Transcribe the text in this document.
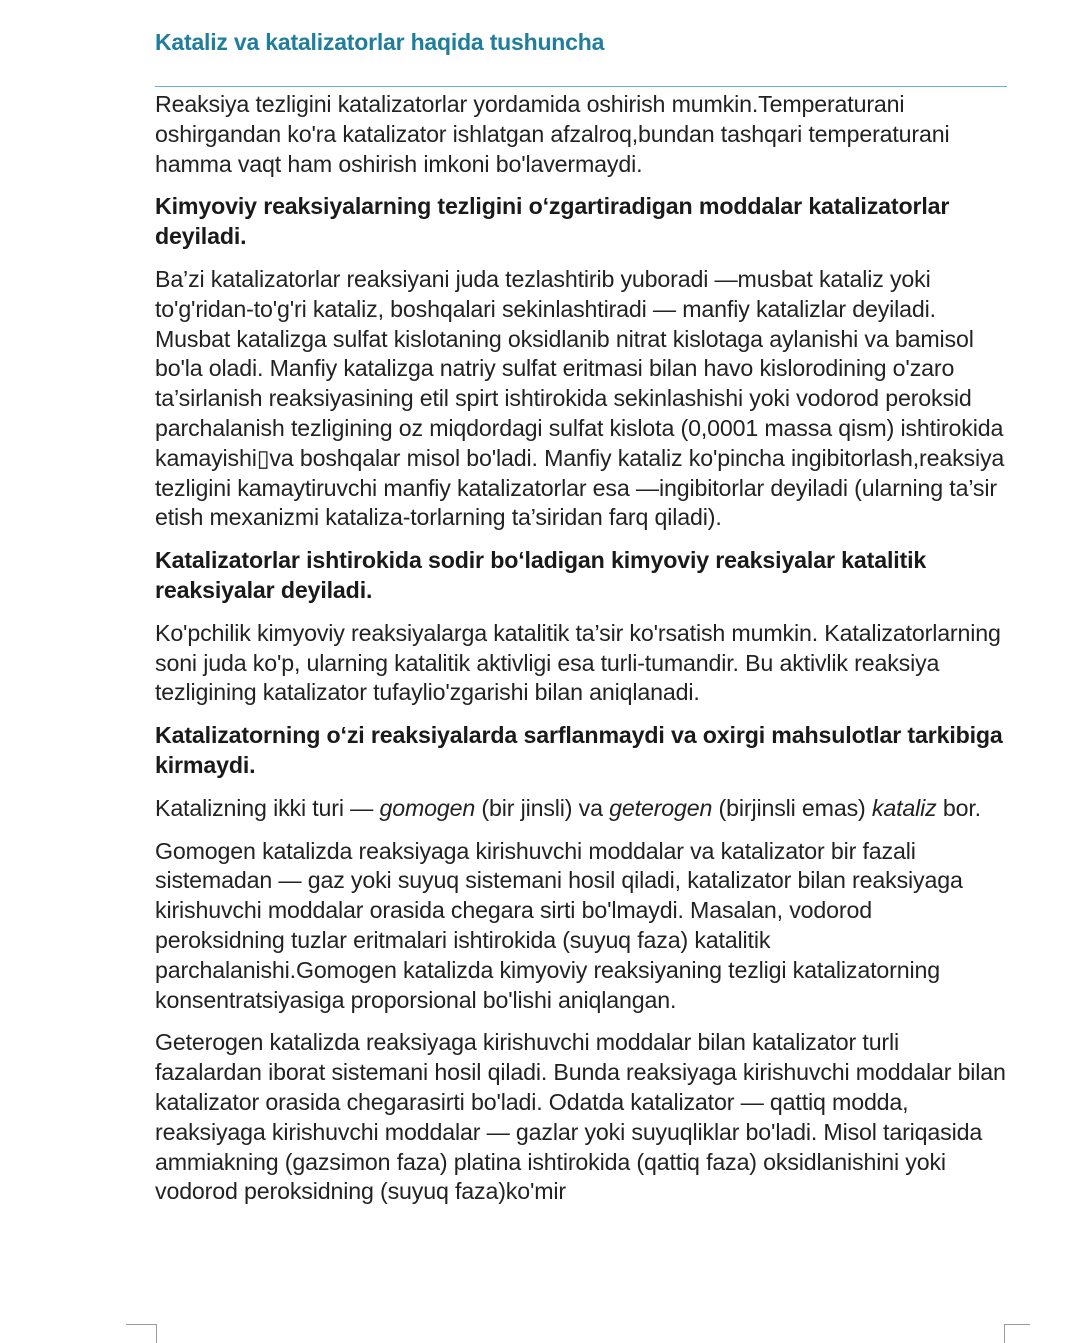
Kataliz va katalizatorlar haqida tushuncha

Reaksiya tezligini katalizatorlar yordamida oshirish mumkin.Temperaturani oshirgandan ko'ra katalizator ishlatgan afzalroq,bundan tashqari temperaturani hamma vaqt ham oshirish imkoni bo'lavermaydi.

Kimyoviy reaksiyalarning tezligini o‘zgartiradigan moddalar katalizatorlar deyiladi.

Ba’zi katalizatorlar reaksiyani juda tezlashtirib yuboradi —musbat kataliz yoki to'g'ridan-to'g'ri kataliz, boshqalari sekinlashtiradi — manfiy katalizlar deyiladi. Musbat katalizga sulfat kislotaning oksidlanib nitrat kislotaga aylanishi va bamisol bo'la oladi. Manfiy katalizga natriy sulfat eritmasi bilan havo kislorodining o'zaro ta’sirlanish reaksiyasining etil spirt ishtirokida sekinlashishi yoki vodorod peroksid parchalanish tezligining oz miqdordagi sulfat kislota (0,0001 massa qism) ishtirokida kamayishi▯va boshqalar misol bo'ladi. Manfiy kataliz ko'pincha ingibitorlash,reaksiya tezligini kamaytiruvchi manfiy katalizatorlar esa —ingibitorlar deyiladi (ularning ta’sir etish mexanizmi kataliza-torlarning ta’siridan farq qiladi).

Katalizatorlar ishtirokida sodir bo‘ladigan kimyoviy reaksiyalar katalitik reaksiyalar deyiladi.

Ko'pchilik kimyoviy reaksiyalarga katalitik ta’sir ko'rsatish mumkin. Katalizatorlarning soni juda ko'p, ularning katalitik aktivligi esa turli-tumandir. Bu aktivlik reaksiya tezligining katalizator tufaylio'zgarishi bilan aniqlanadi.

Katalizatorning o‘zi reaksiyalarda sarflanmaydi va oxirgi mahsulotlar tarkibiga kirmaydi.

Katalizning ikki turi — gomogen (bir jinsli) va geterogen (birjinsli emas) kataliz bor.

Gomogen katalizda reaksiyaga kirishuvchi moddalar va katalizator bir fazali sistemadan — gaz yoki suyuq sistemani hosil qiladi, katalizator bilan reaksiyaga kirishuvchi moddalar orasida chegara sirti bo'lmaydi. Masalan, vodorod peroksidning tuzlar eritmalari ishtirokida (suyuq faza) katalitik parchalanishi.Gomogen katalizda kimyoviy reaksiyaning tezligi katalizatorning konsentratsiyasiga proporsional bo'lishi aniqlangan.

Geterogen katalizda reaksiyaga kirishuvchi moddalar bilan katalizator turli fazalardan iborat sistemani hosil qiladi. Bunda reaksiyaga kirishuvchi moddalar bilan katalizator orasida chegarasirti bo'ladi. Odatda katalizator — qattiq modda, reaksiyaga kirishuvchi moddalar — gazlar yoki suyuqliklar bo'ladi. Misol tariqasida ammiakning (gazsimon faza) platina ishtirokida (qattiq faza) oksidlanishini yoki vodorod peroksidning (suyuq faza)ko'mir
